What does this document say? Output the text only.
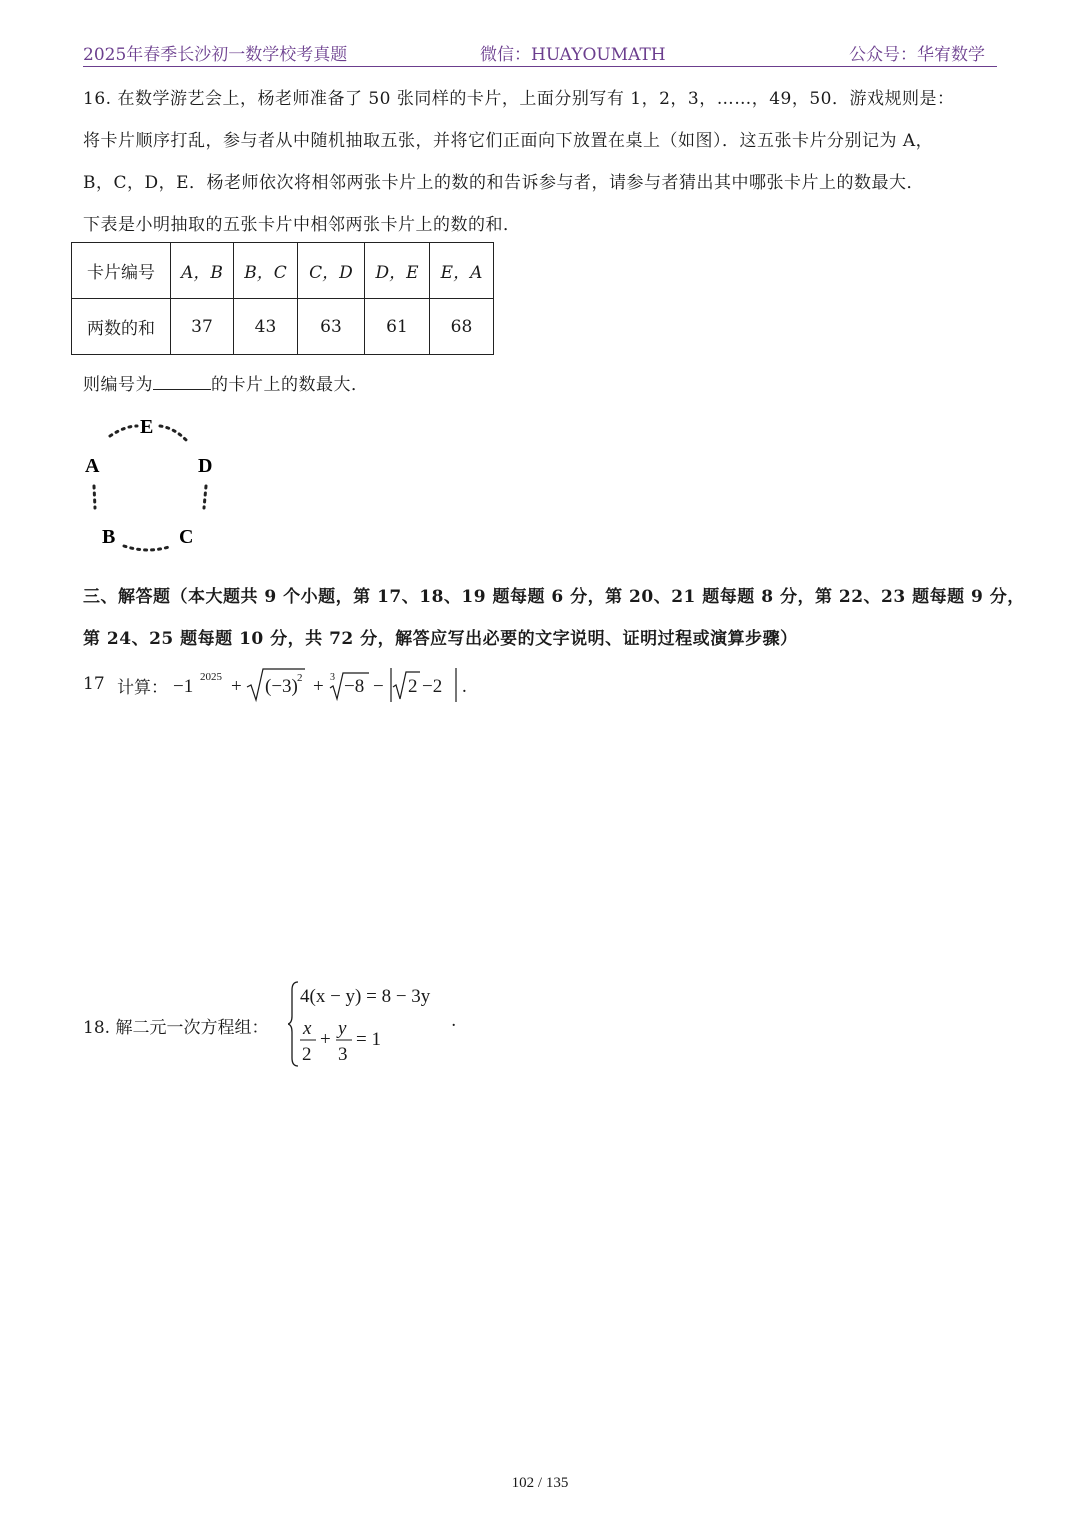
2025年春季长沙初一数学校考真题	微信：HUAYOUMATH	公众号：华宥数学
16. 在数学游艺会上，杨老师准备了 50 张同样的卡片，上面分别写有 1，2，3，……，49，50．游戏规则是：
将卡片顺序打乱，参与者从中随机抽取五张，并将它们正面向下放置在桌上（如图）．这五张卡片分别记为 A，
B，C，D，E．杨老师依次将相邻两张卡片上的数的和告诉参与者，请参与者猜出其中哪张卡片上的数最大．
下表是小明抽取的五张卡片中相邻两张卡片上的数的和．
卡片编号	A，B	B，C	C，D	D，E	E，A
两数的和	37	43	63	61	68
则编号为	的卡片上的数最大．
E
A	D
B	C
三、解答题（本大题共 9 个小题，第 17、18、19 题每题 6 分，第 20、21 题每题 8 分，第 22、23 题每题 9 分，
第 24、25 题每题 10 分，共 72 分，解答应写出必要的文字说明、证明过程或演算步骤）
17 计算： −1 2025 + (−3) 2 + 3 −8 − 2 −2 .
18. 解二元一次方程组：
4(x − y) = 8 − 3y
x
2
+
y
3
= 1
.
102 / 135
